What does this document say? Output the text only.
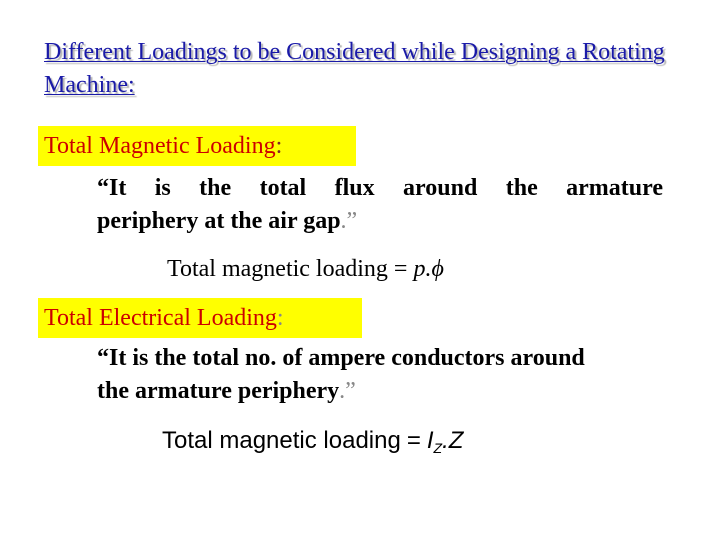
Different Loadings to be Considered while Designing a Rotating Machine:
Total Magnetic Loading:
“It is the total flux around the armature
periphery at the air gap.”
Total magnetic loading = p.ϕ
Total Electrical Loading:
“It is the total no. of ampere conductors around
the armature periphery.”
Total magnetic loading = $I_Z.Z$
